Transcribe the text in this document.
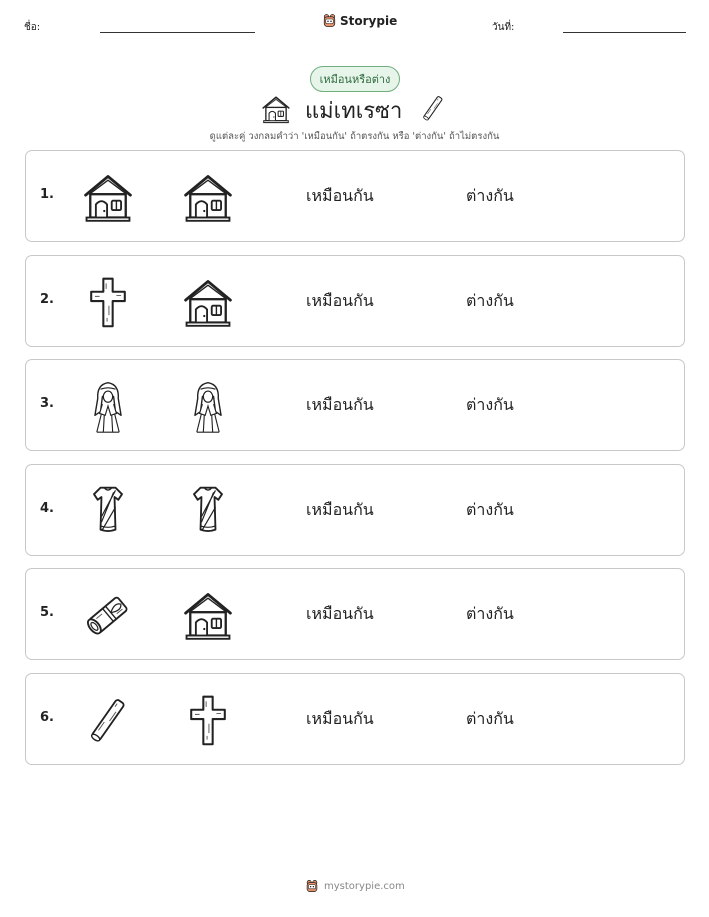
ชื่อ:	Storypie	วันที่:
เหมือนหรือต่าง
แม่เทเรซา
ดูแต่ละคู่ วงกลมคำว่า 'เหมือนกัน' ถ้าตรงกัน หรือ 'ต่างกัน' ถ้าไม่ตรงกัน
1.	เหมือนกัน	ต่างกัน
2.	เหมือนกัน	ต่างกัน
3.	เหมือนกัน	ต่างกัน
4.	เหมือนกัน	ต่างกัน
5.	เหมือนกัน	ต่างกัน
6.	เหมือนกัน	ต่างกัน
mystorypie.com
